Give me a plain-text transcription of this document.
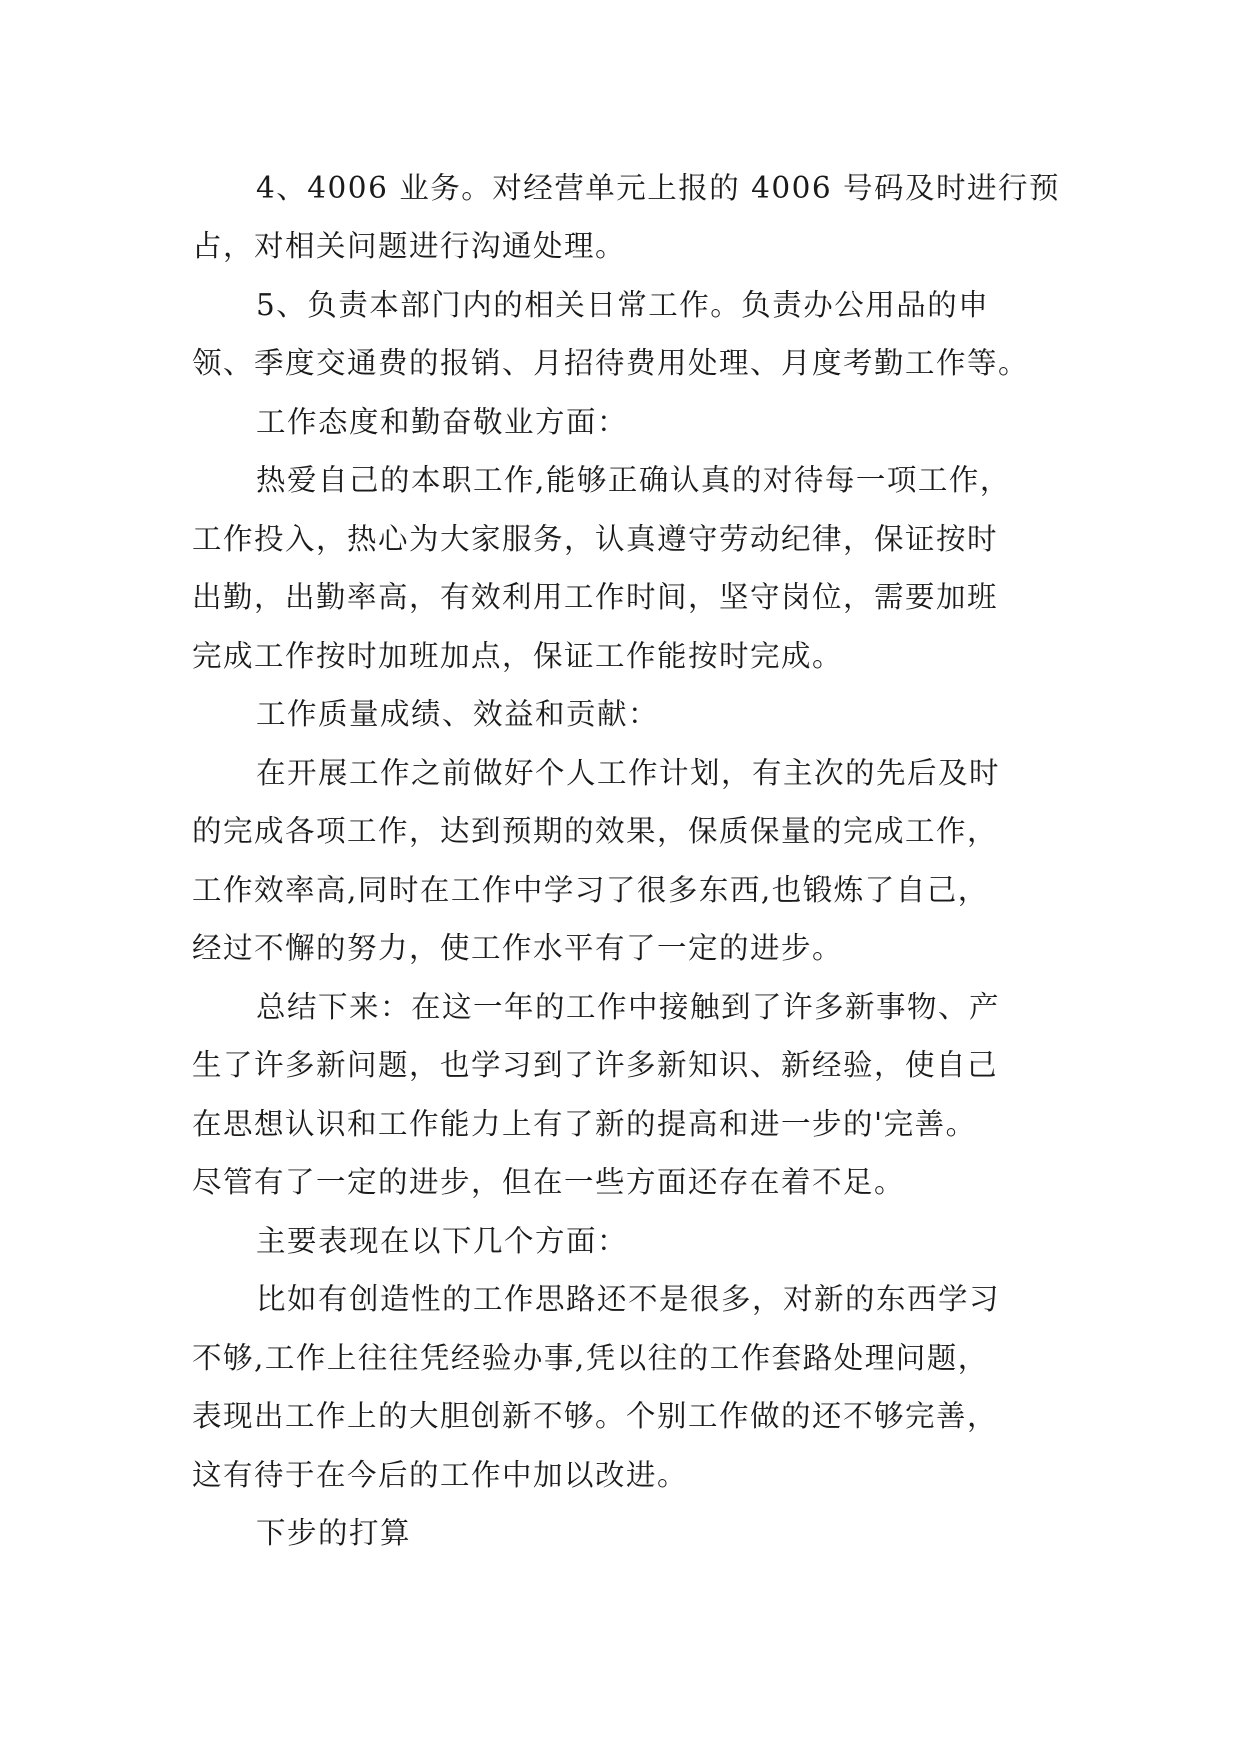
4、4006 业务。对经营单元上报的 4006 号码及时进行预
占，对相关问题进行沟通处理。
5、负责本部门内的相关日常工作。负责办公用品的申
领、季度交通费的报销、月招待费用处理、月度考勤工作等。
工作态度和勤奋敬业方面：
热爱自己的本职工作,能够正确认真的对待每一项工作，
工作投入，热心为大家服务，认真遵守劳动纪律，保证按时
出勤，出勤率高，有效利用工作时间，坚守岗位，需要加班
完成工作按时加班加点，保证工作能按时完成。
工作质量成绩、效益和贡献：
在开展工作之前做好个人工作计划，有主次的先后及时
的完成各项工作，达到预期的效果，保质保量的完成工作，
工作效率高,同时在工作中学习了很多东西,也锻炼了自己，
经过不懈的努力，使工作水平有了一定的进步。
总结下来：在这一年的工作中接触到了许多新事物、产
生了许多新问题，也学习到了许多新知识、新经验，使自己
在思想认识和工作能力上有了新的提高和进一步的'完善。
尽管有了一定的进步，但在一些方面还存在着不足。
主要表现在以下几个方面：
比如有创造性的工作思路还不是很多，对新的东西学习
不够,工作上往往凭经验办事,凭以往的工作套路处理问题，
表现出工作上的大胆创新不够。个别工作做的还不够完善，
这有待于在今后的工作中加以改进。
下步的打算
